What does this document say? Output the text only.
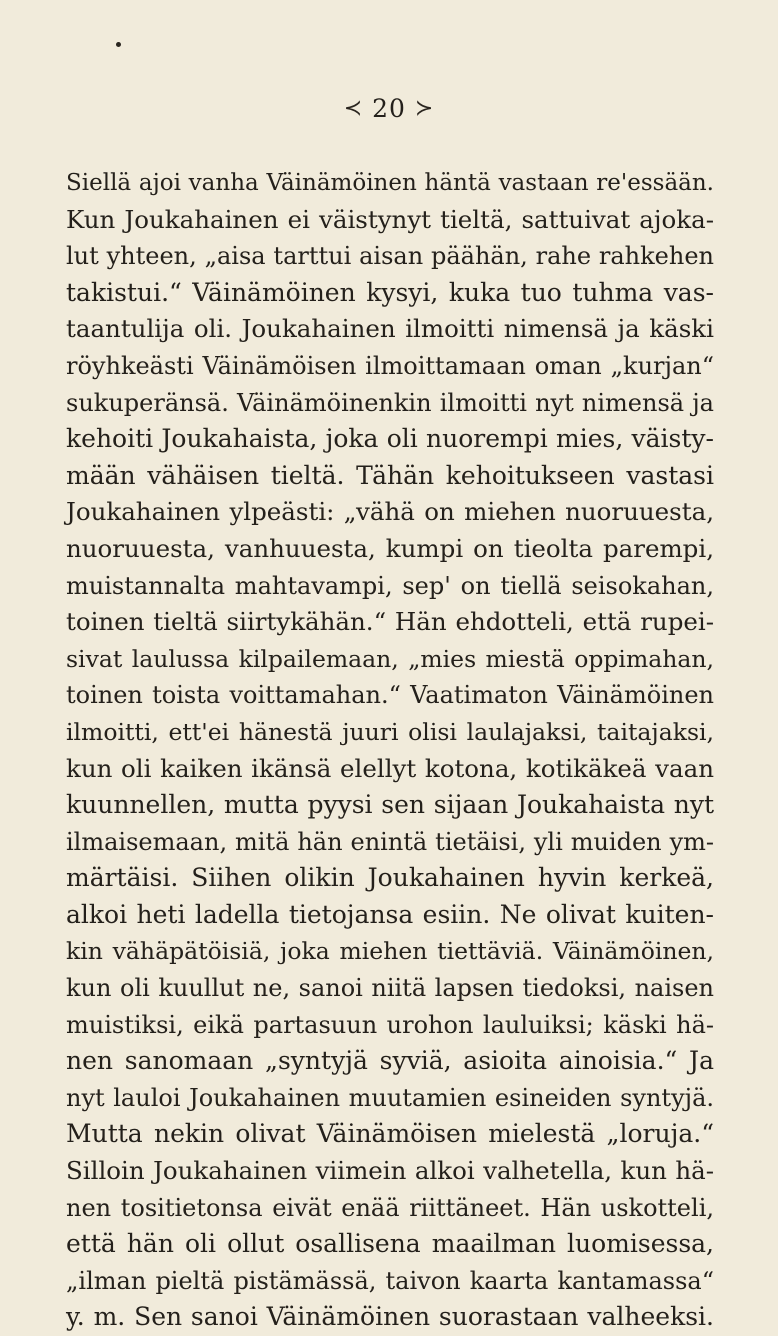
≺ 20 ≻
Siellä ajoi vanha Väinämöinen häntä vastaan re'essään.
Kun Joukahainen ei väistynyt tieltä, sattuivat ajoka-
lut yhteen, „aisa tarttui aisan päähän, rahe rahkehen
takistui.“ Väinämöinen kysyi, kuka tuo tuhma vas-
taantulija oli. Joukahainen ilmoitti nimensä ja käski
röyhkeästi Väinämöisen ilmoittamaan oman „kurjan“
sukuperänsä. Väinämöinenkin ilmoitti nyt nimensä ja
kehoiti Joukahaista, joka oli nuorempi mies, väisty-
mään vähäisen tieltä. Tähän kehoitukseen vastasi
Joukahainen ylpeästi: „vähä on miehen nuoruuesta,
nuoruuesta, vanhuuesta, kumpi on tieolta parempi,
muistannalta mahtavampi, sep' on tiellä seisokahan,
toinen tieltä siirtykähän.“ Hän ehdotteli, että rupei-
sivat laulussa kilpailemaan, „mies miestä oppimahan,
toinen toista voittamahan.“ Vaatimaton Väinämöinen
ilmoitti, ett'ei hänestä juuri olisi laulajaksi, taitajaksi,
kun oli kaiken ikänsä elellyt kotona, kotikäkeä vaan
kuunnellen, mutta pyysi sen sijaan Joukahaista nyt
ilmaisemaan, mitä hän enintä tietäisi, yli muiden ym-
märtäisi. Siihen olikin Joukahainen hyvin kerkeä,
alkoi heti ladella tietojansa esiin. Ne olivat kuiten-
kin vähäpätöisiä, joka miehen tiettäviä. Väinämöinen,
kun oli kuullut ne, sanoi niitä lapsen tiedoksi, naisen
muistiksi, eikä partasuun urohon lauluiksi; käski hä-
nen sanomaan „syntyjä syviä, asioita ainoisia.“ Ja
nyt lauloi Joukahainen muutamien esineiden syntyjä.
Mutta nekin olivat Väinämöisen mielestä „loruja.“
Silloin Joukahainen viimein alkoi valhetella, kun hä-
nen tositietonsa eivät enää riittäneet. Hän uskotteli,
että hän oli ollut osallisena maailman luomisessa,
„ilman pieltä pistämässä, taivon kaarta kantamassa“
y. m. Sen sanoi Väinämöinen suorastaan valheeksi.
